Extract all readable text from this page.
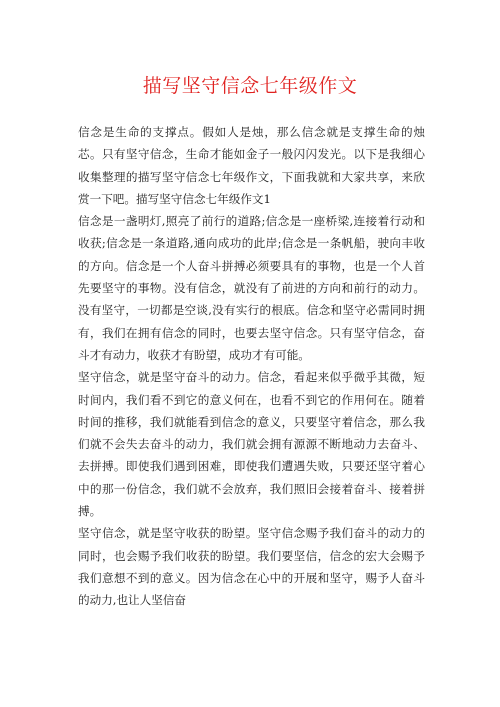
描写坚守信念七年级作文

信念是生命的支撑点。假如人是烛，那么信念就是支撑生命的烛芯。只有坚守信念，生命才能如金子一般闪闪发光。以下是我细心收集整理的描写坚守信念七年级作文，下面我就和大家共享，来欣赏一下吧。描写坚守信念七年级作文1

信念是一盏明灯,照亮了前行的道路;信念是一座桥梁,连接着行动和收获;信念是一条道路,通向成功的此岸;信念是一条帆船，驶向丰收的方向。信念是一个人奋斗拼搏必须要具有的事物，也是一个人首先要坚守的事物。没有信念，就没有了前进的方向和前行的动力。没有坚守，一切都是空谈,没有实行的根底。信念和坚守必需同时拥有，我们在拥有信念的同时，也要去坚守信念。只有坚守信念，奋斗才有动力，收获才有盼望，成功才有可能。

坚守信念，就是坚守奋斗的动力。信念，看起来似乎微乎其微，短时间内，我们看不到它的意义何在，也看不到它的作用何在。随着时间的推移，我们就能看到信念的意义，只要坚守着信念，那么我们就不会失去奋斗的动力，我们就会拥有源源不断地动力去奋斗、去拼搏。即使我们遇到困难，即使我们遭遇失败，只要还坚守着心中的那一份信念，我们就不会放弃，我们照旧会接着奋斗、接着拼搏。

坚守信念，就是坚守收获的盼望。坚守信念赐予我们奋斗的动力的同时，也会赐予我们收获的盼望。我们要坚信，信念的宏大会赐予我们意想不到的意义。因为信念在心中的开展和坚守，赐予人奋斗的动力,也让人坚信奋
